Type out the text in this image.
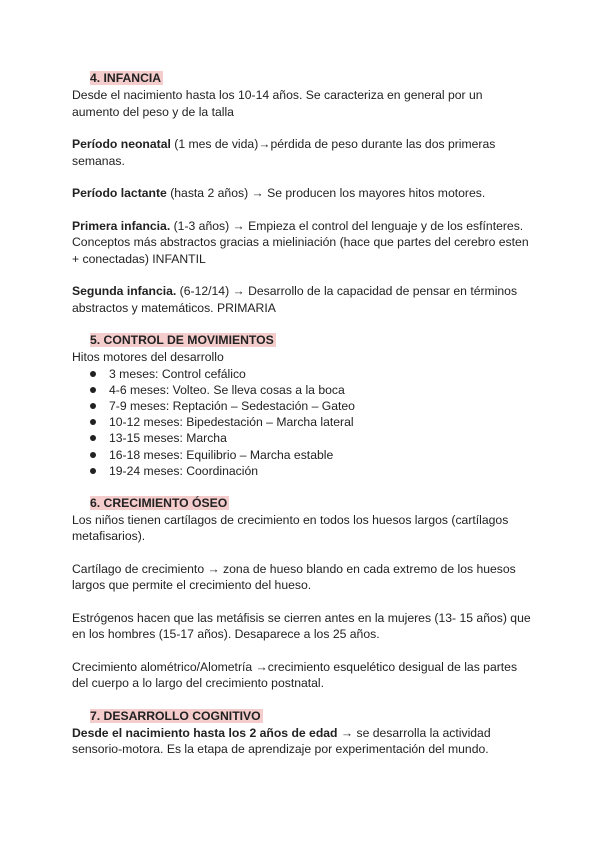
4. INFANCIA

Desde el nacimiento hasta los 10-14 años. Se caracteriza en general por un aumento del peso y de la talla

Período neonatal (1 mes de vida)→pérdida de peso durante las dos primeras semanas.

Período lactante (hasta 2 años) → Se producen los mayores hitos motores.

Primera infancia. (1-3 años) → Empieza el control del lenguaje y de los esfínteres. Conceptos más abstractos gracias a mieliniación (hace que partes del cerebro esten + conectadas) INFANTIL

Segunda infancia. (6-12/14) → Desarrollo de la capacidad de pensar en términos abstractos y matemáticos. PRIMARIA

5. CONTROL DE MOVIMIENTOS

Hitos motores del desarrollo

3 meses: Control cefálico
4-6 meses: Volteo. Se lleva cosas a la boca
7-9 meses: Reptación – Sedestación – Gateo
10-12 meses: Bipedestación – Marcha lateral
13-15 meses: Marcha
16-18 meses: Equilibrio – Marcha estable
19-24 meses: Coordinación
6. CRECIMIENTO ÓSEO

Los niños tienen cartílagos de crecimiento en todos los huesos largos (cartílagos metafisarios).

Cartílago de crecimiento → zona de hueso blando en cada extremo de los huesos largos que permite el crecimiento del hueso.

Estrógenos hacen que las metáfisis se cierren antes en la mujeres (13- 15 años) que en los hombres (15-17 años). Desaparece a los 25 años.

Crecimiento alométrico/Alometría →crecimiento esquelético desigual de las partes del cuerpo a lo largo del crecimiento postnatal.

7. DESARROLLO COGNITIVO

Desde el nacimiento hasta los 2 años de edad → se desarrolla la actividad sensorio-motora. Es la etapa de aprendizaje por experimentación del mundo.
